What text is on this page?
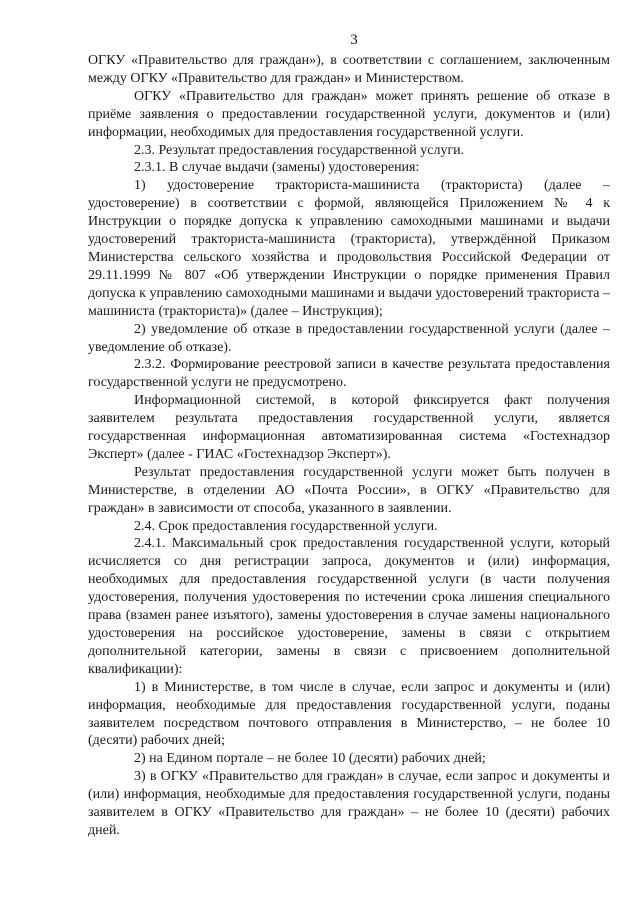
3

ОГКУ «Правительство для граждан»), в соответствии с соглашением, заключенным между ОГКУ «Правительство для граждан» и Министерством.

ОГКУ «Правительство для граждан» может принять решение об отказе в приёме заявления о предоставлении государственной услуги, документов и (или) информации, необходимых для предоставления государственной услуги.

2.3. Результат предоставления государственной услуги.

2.3.1. В случае выдачи (замены) удостоверения:

1) удостоверение тракториста-машиниста (тракториста) (далее – удостоверение) в соответствии с формой, являющейся Приложением № 4 к Инструкции о порядке допуска к управлению самоходными машинами и выдачи удостоверений тракториста-машиниста (тракториста), утверждённой Приказом Министерства сельского хозяйства и продовольствия Российской Федерации от 29.11.1999 № 807 «Об утверждении Инструкции о порядке применения Правил допуска к управлению самоходными машинами и выдачи удостоверений тракториста – машиниста (тракториста)» (далее – Инструкция);

2) уведомление об отказе в предоставлении государственной услуги (далее – уведомление об отказе).

2.3.2. Формирование реестровой записи в качестве результата предоставления государственной услуги не предусмотрено.

Информационной системой, в которой фиксируется факт получения заявителем результата предоставления государственной услуги, является государственная информационная автоматизированная система «Гостехнадзор Эксперт» (далее - ГИАС «Гостехнадзор Эксперт»).

Результат предоставления государственной услуги может быть получен в Министерстве, в отделении АО «Почта России», в ОГКУ «Правительство для граждан» в зависимости от способа, указанного в заявлении.

2.4. Срок предоставления государственной услуги.

2.4.1. Максимальный срок предоставления государственной услуги, который исчисляется со дня регистрации запроса, документов и (или) информация, необходимых для предоставления государственной услуги (в части получения удостоверения, получения удостоверения по истечении срока лишения специального права (взамен ранее изъятого), замены удостоверения в случае замены национального удостоверения на российское удостоверение, замены в связи с открытием дополнительной категории, замены в связи с присвоением дополнительной квалификации):

1) в Министерстве, в том числе в случае, если запрос и документы и (или) информация, необходимые для предоставления государственной услуги, поданы заявителем посредством почтового отправления в Министерство, – не более 10 (десяти) рабочих дней;

2) на Едином портале – не более 10 (десяти) рабочих дней;

3) в ОГКУ «Правительство для граждан» в случае, если запрос и документы и (или) информация, необходимые для предоставления государственной услуги, поданы заявителем в ОГКУ «Правительство для граждан» – не более 10 (десяти) рабочих дней.
